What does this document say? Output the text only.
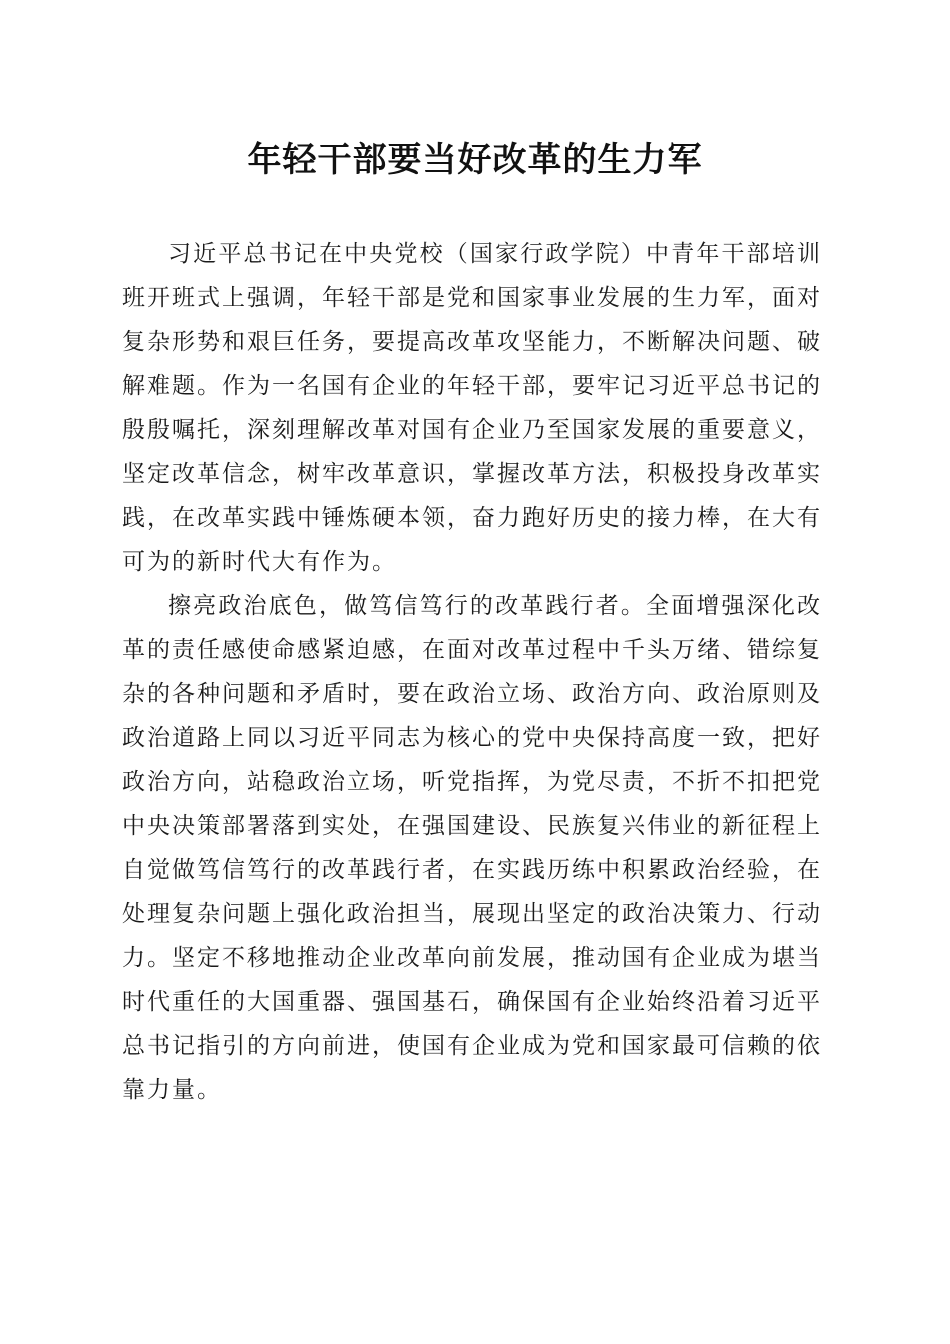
年轻干部要当好改革的生力军

习近平总书记在中央党校（国家行政学院）中青年干部培训班开班式上强调，年轻干部是党和国家事业发展的生力军，面对复杂形势和艰巨任务，要提高改革攻坚能力，不断解决问题、破解难题。作为一名国有企业的年轻干部，要牢记习近平总书记的殷殷嘱托，深刻理解改革对国有企业乃至国家发展的重要意义，坚定改革信念，树牢改革意识，掌握改革方法，积极投身改革实践，在改革实践中锤炼硬本领，奋力跑好历史的接力棒，在大有可为的新时代大有作为。

擦亮政治底色，做笃信笃行的改革践行者。全面增强深化改革的责任感使命感紧迫感，在面对改革过程中千头万绪、错综复杂的各种问题和矛盾时，要在政治立场、政治方向、政治原则及政治道路上同以习近平同志为核心的党中央保持高度一致，把好政治方向，站稳政治立场，听党指挥，为党尽责，不折不扣把党中央决策部署落到实处，在强国建设、民族复兴伟业的新征程上自觉做笃信笃行的改革践行者，在实践历练中积累政治经验，在处理复杂问题上强化政治担当，展现出坚定的政治决策力、行动力。坚定不移地推动企业改革向前发展，推动国有企业成为堪当时代重任的大国重器、强国基石，确保国有企业始终沿着习近平总书记指引的方向前进，使国有企业成为党和国家最可信赖的依靠力量。
